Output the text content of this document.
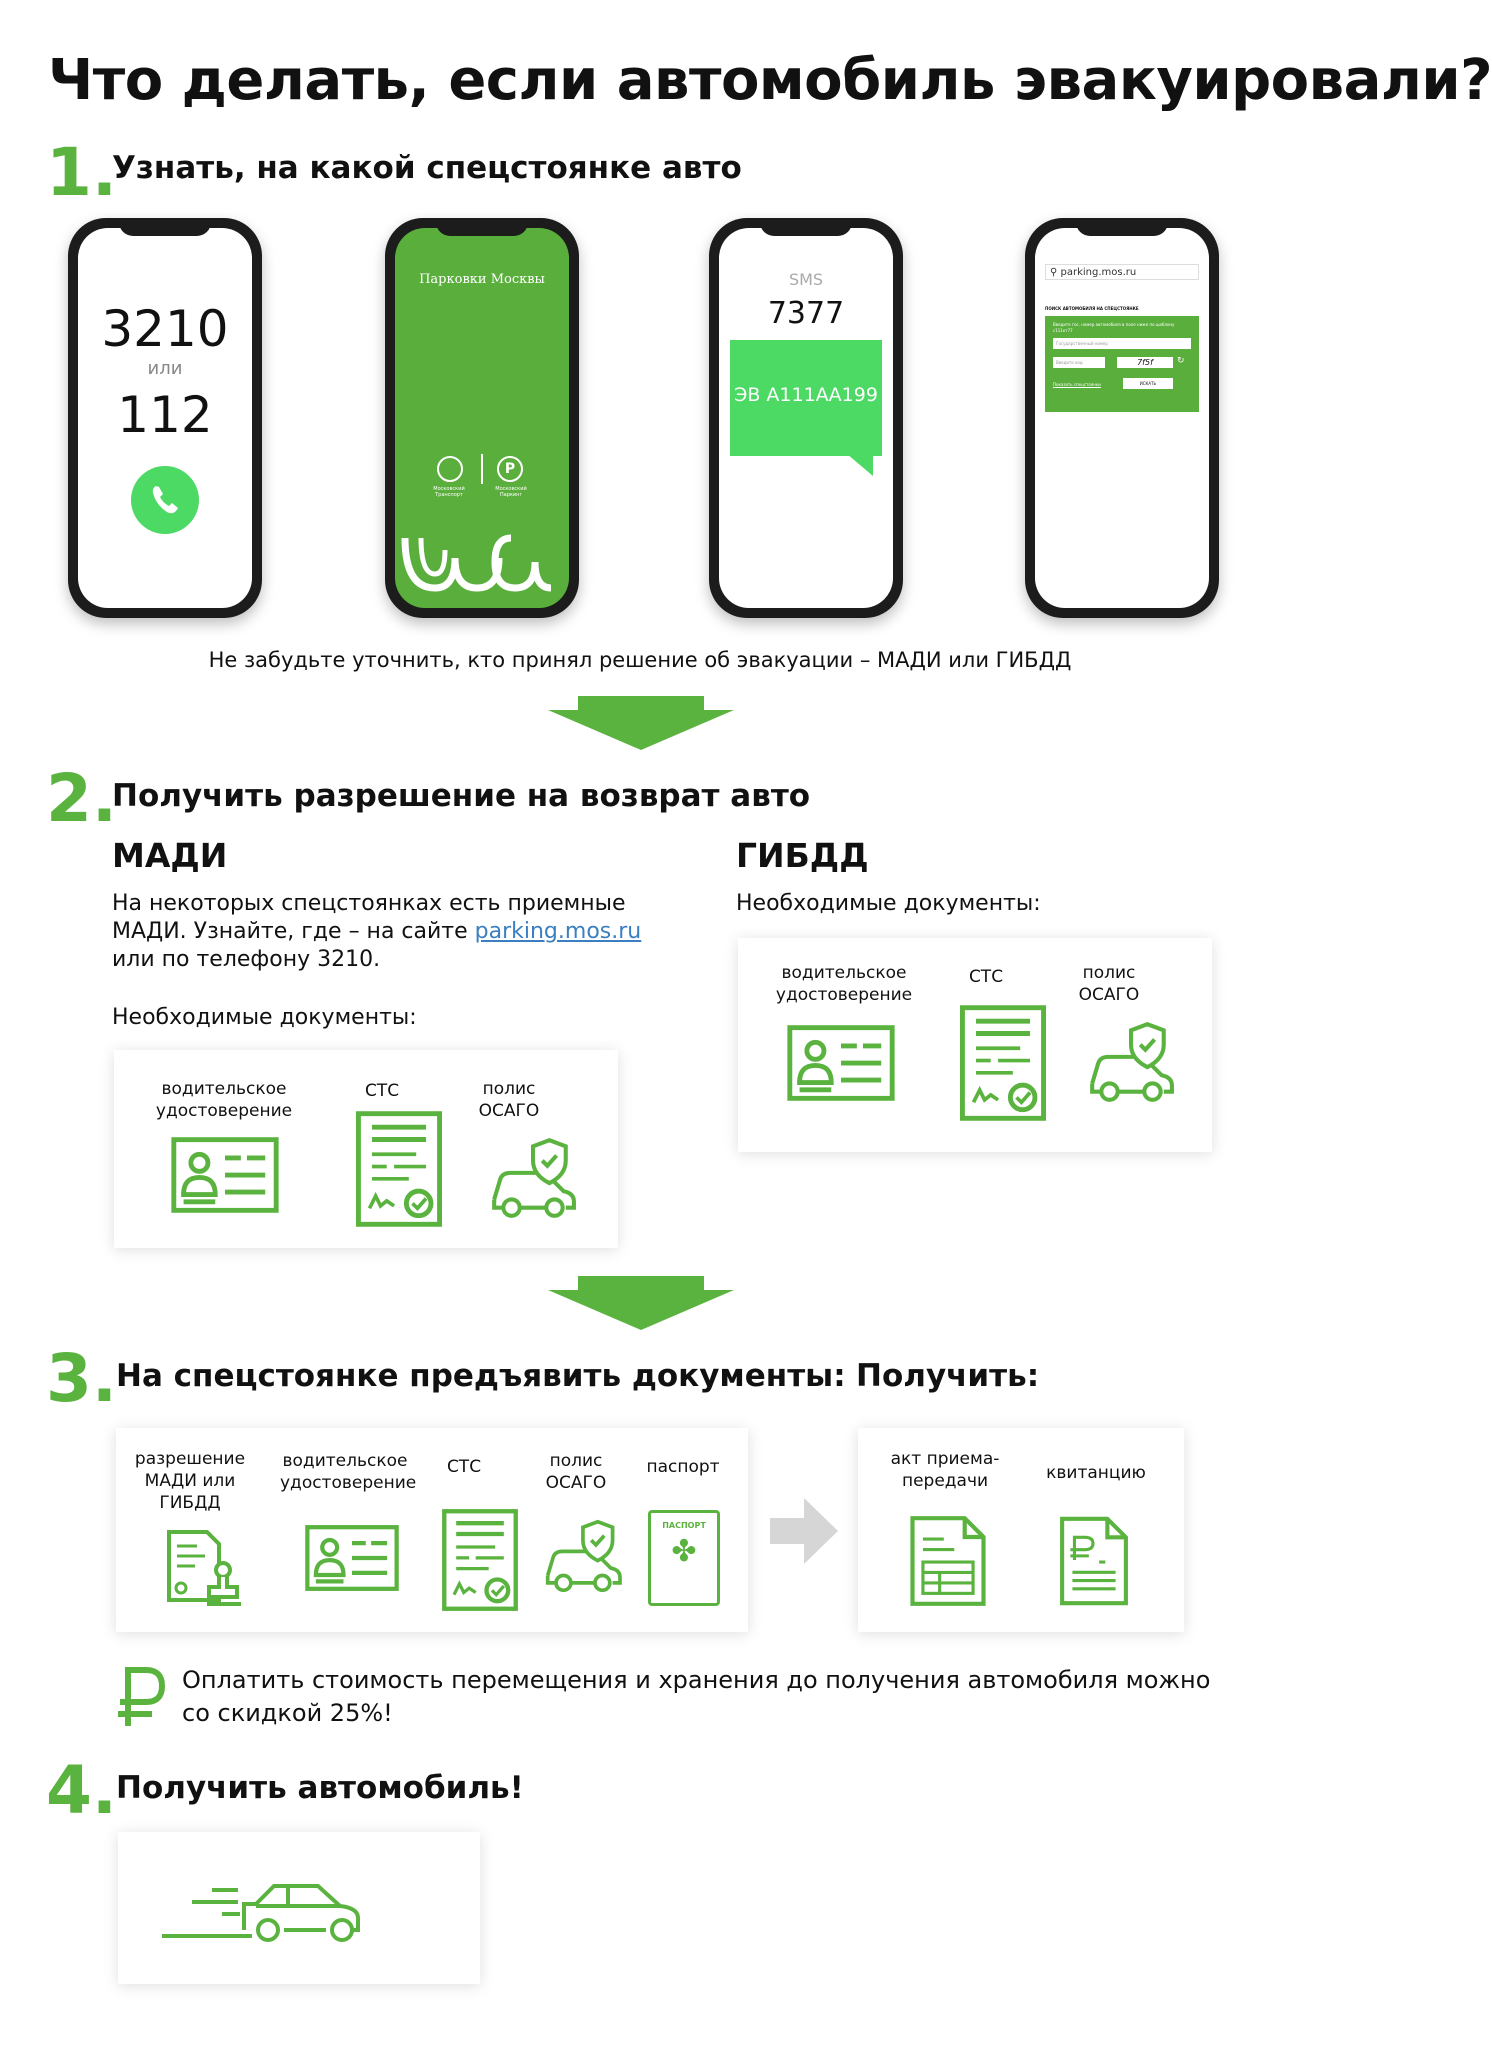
Что делать, если автомобиль эвакуировали?
1.
Узнать, на какой спецстоянке авто
3210
или
112
Парковки Москвы
P
Московский Транспорт
Московский Паркинг
SMS
7377
ЭВ А111АА199
⚲ parking.mos.ru
ПОИСК АВТОМОБИЛЯ НА СПЕЦСТОЯНКЕ
Введите гос. номер автомобиля в поле ниже по шаблону с111кт77
Государственный номер
Введите код	7f5f	↻
Показать спецстоянки	ИСКАТЬ
Не забудьте уточнить, кто принял решение об эвакуации – МАДИ или ГИБДД
2.
Получить разрешение на возврат авто
МАДИ
На некоторых спецстоянках есть приемные МАДИ. Узнайте, где – на сайте parking.mos.ru
или по телефону 3210.
Необходимые документы:
водительское удостоверение
СТС	полис ОСАГО
ГИБДД
Необходимые документы:
водительское удостоверение
СТС	полис ОСАГО
3. На спецстоянке предъявить документы: Получить:
разрешение МАДИ или ГИБДД
водительское удостоверение
СТС	полис ОСАГО
паспорт
ПАСПОРТ
✤
акт приема-передачи	квитанцию
Оплатить стоимость перемещения и хранения до получения автомобиля можно со скидкой 25%!
4. Получить автомобиль!
